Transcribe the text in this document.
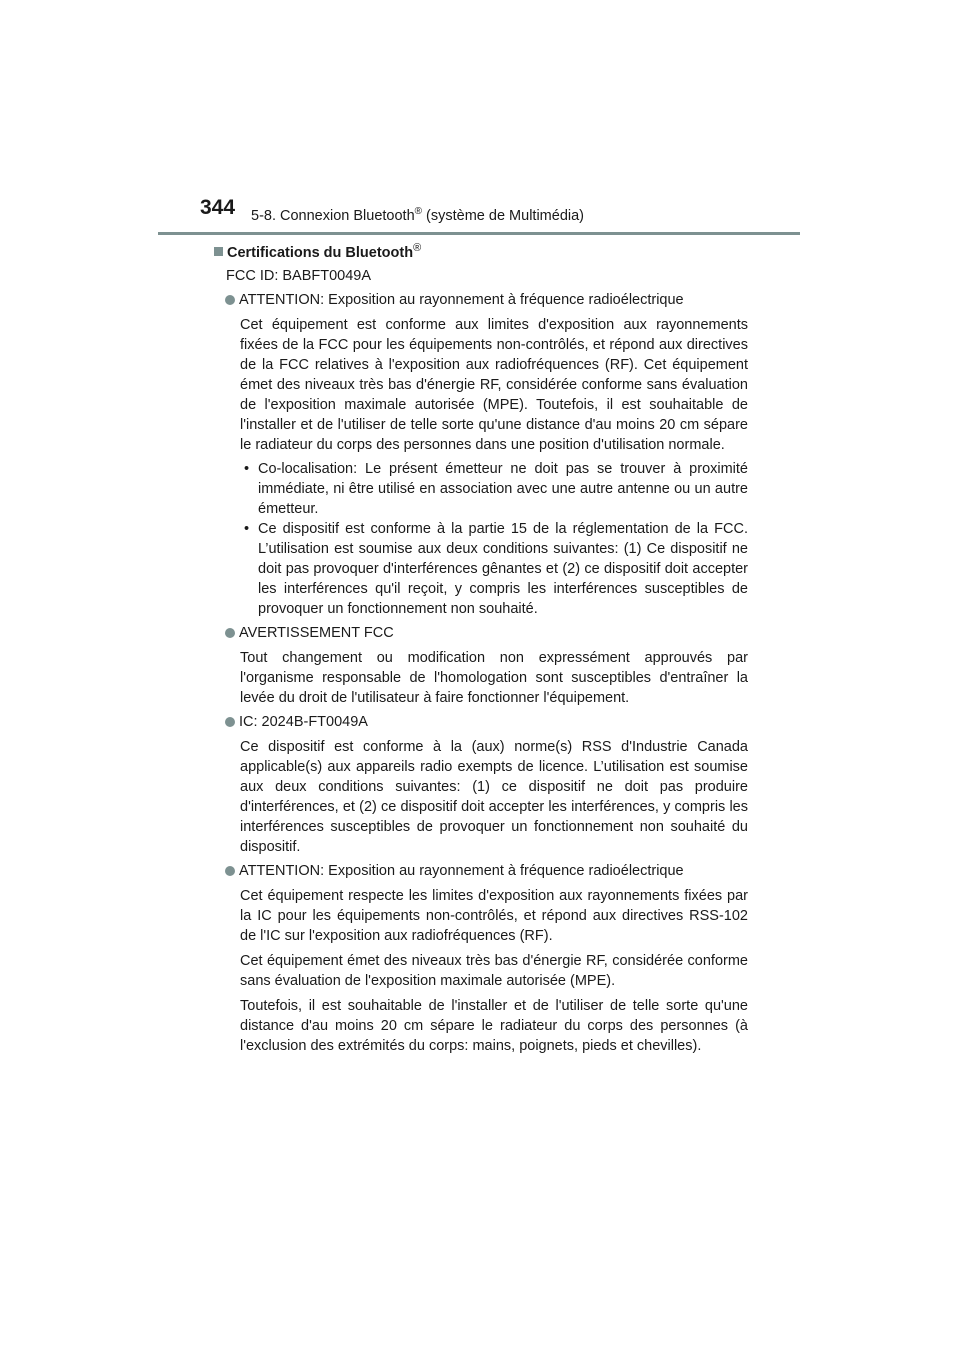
344 5-8. Connexion Bluetooth® (système de Multimédia)
Certifications du Bluetooth®
FCC ID: BABFT0049A
ATTENTION: Exposition au rayonnement à fréquence radioélectrique
Cet équipement est conforme aux limites d'exposition aux rayonnements fixées de la FCC pour les équipements non-contrôlés, et répond aux directives de la FCC relatives à l'exposition aux radiofréquences (RF). Cet équipement émet des niveaux très bas d'énergie RF, considérée conforme sans évaluation de l'exposition maximale autorisée (MPE). Toutefois, il est souhaitable de l'installer et de l'utiliser de telle sorte qu'une distance d'au moins 20 cm sépare le radiateur du corps des personnes dans une position d'utilisation normale.
• Co-localisation: Le présent émetteur ne doit pas se trouver à proximité immédiate, ni être utilisé en association avec une autre antenne ou un autre émetteur.
• Ce dispositif est conforme à la partie 15 de la réglementation de la FCC. L’utilisation est soumise aux deux conditions suivantes: (1) Ce dispositif ne doit pas provoquer d'interférences gênantes et (2) ce dispositif doit accepter les interférences qu'il reçoit, y compris les interférences susceptibles de provoquer un fonctionnement non souhaité.
AVERTISSEMENT FCC
Tout changement ou modification non expressément approuvés par l'organisme responsable de l'homologation sont susceptibles d'entraîner la levée du droit de l'utilisateur à faire fonctionner l'équipement.
IC: 2024B-FT0049A
Ce dispositif est conforme à la (aux) norme(s) RSS d'Industrie Canada applicable(s) aux appareils radio exempts de licence. L’utilisation est soumise aux deux conditions suivantes: (1) ce dispositif ne doit pas produire d'interférences, et (2) ce dispositif doit accepter les interférences, y compris les interférences susceptibles de provoquer un fonctionnement non souhaité du dispositif.
ATTENTION: Exposition au rayonnement à fréquence radioélectrique
Cet équipement respecte les limites d'exposition aux rayonnements fixées par la IC pour les équipements non-contrôlés, et répond aux directives RSS-102 de l'IC sur l'exposition aux radiofréquences (RF).
Cet équipement émet des niveaux très bas d'énergie RF, considérée conforme sans évaluation de l'exposition maximale autorisée (MPE).
Toutefois, il est souhaitable de l'installer et de l'utiliser de telle sorte qu'une distance d'au moins 20 cm sépare le radiateur du corps des personnes (à l'exclusion des extrémités du corps: mains, poignets, pieds et chevilles).
